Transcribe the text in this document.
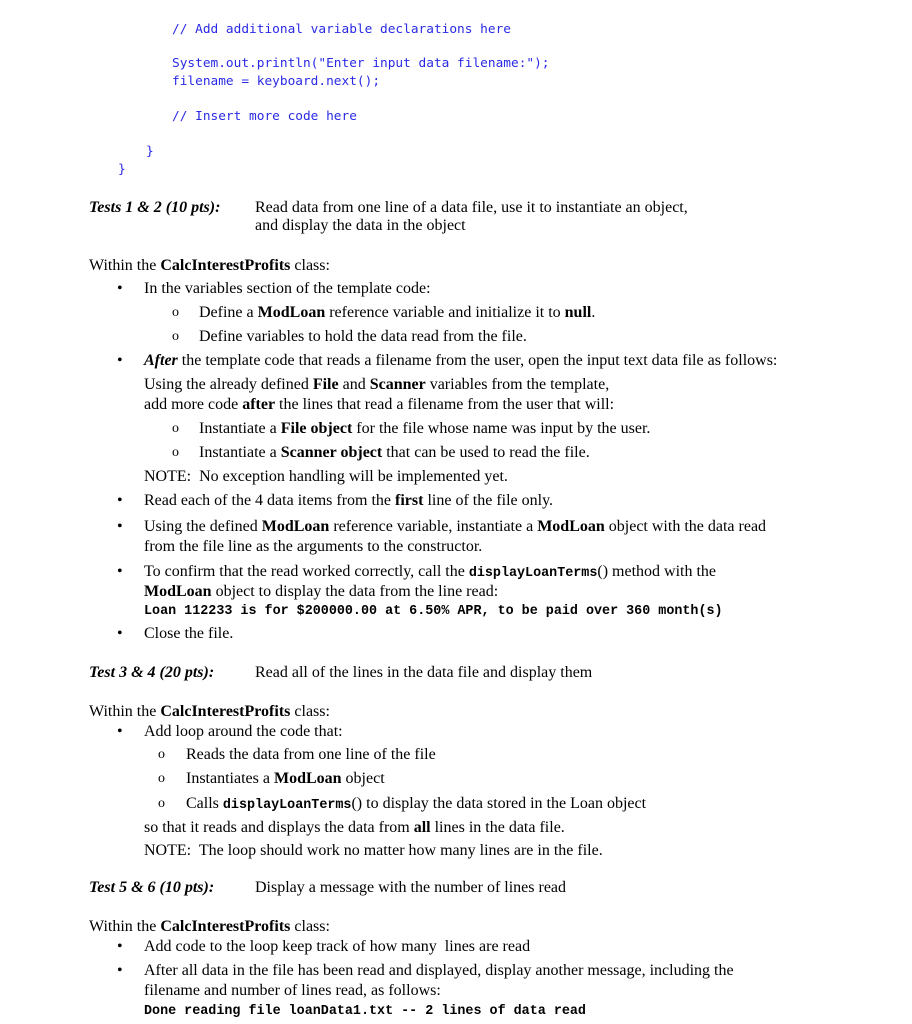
// Add additional variable declarations here
System.out.println("Enter input data filename:");
filename = keyboard.next();
// Insert more code here
}
}
Tests 1 & 2 (10 pts): Read data from one line of a data file, use it to instantiate an object,
and display the data in the object
Within the CalcInterestProfits class:
• In the variables section of the template code:
o Define a ModLoan reference variable and initialize it to null.
o Define variables to hold the data read from the file.
• After the template code that reads a filename from the user, open the input text data file as follows:
Using the already defined File and Scanner variables from the template,
add more code after the lines that read a filename from the user that will:
o Instantiate a File object for the file whose name was input by the user.
o Instantiate a Scanner object that can be used to read the file.
NOTE:  No exception handling will be implemented yet.
• Read each of the 4 data items from the first line of the file only.
• Using the defined ModLoan reference variable, instantiate a ModLoan object with the data read
from the file line as the arguments to the constructor.
• To confirm that the read worked correctly, call the displayLoanTerms() method with the
ModLoan object to display the data from the line read:
Loan 112233 is for $200000.00 at 6.50% APR, to be paid over 360 month(s)
• Close the file.
Test 3 & 4 (20 pts):	Read all of the lines in the data file and display them
Within the CalcInterestProfits class:
• Add loop around the code that:
o Reads the data from one line of the file
o Instantiates a ModLoan object
o Calls displayLoanTerms() to display the data stored in the Loan object
so that it reads and displays the data from all lines in the data file.
NOTE:  The loop should work no matter how many lines are in the file.
Test 5 & 6 (10 pts):	Display a message with the number of lines read
Within the CalcInterestProfits class:
• Add code to the loop keep track of how many  lines are read
• After all data in the file has been read and displayed, display another message, including the
filename and number of lines read, as follows:
Done reading file loanData1.txt -- 2 lines of data read
